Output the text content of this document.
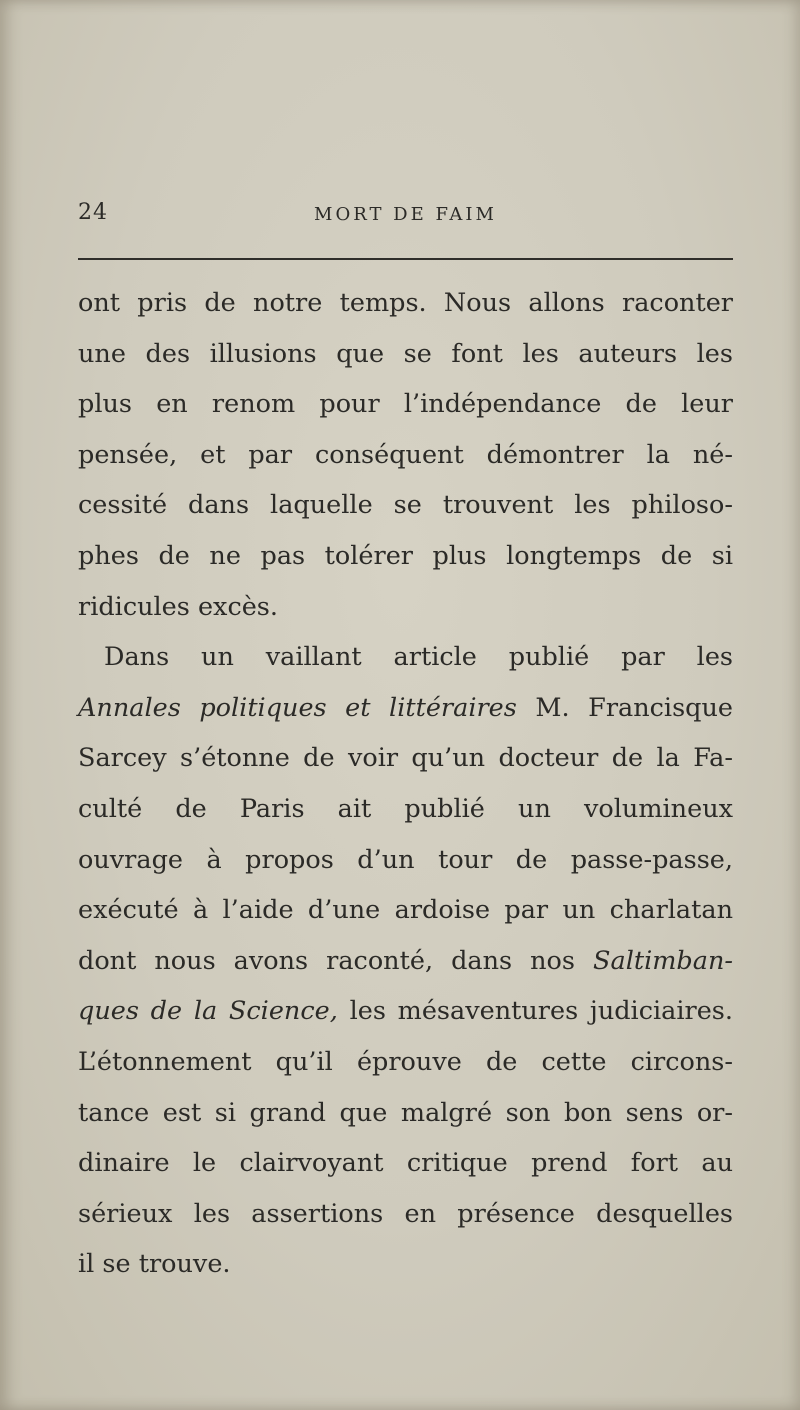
24	MORT DE FAIM
ont pris de notre temps. Nous allons raconter
une des illusions que se font les auteurs les
plus en renom pour l’indépendance de leur
pensée, et par conséquent démontrer la né-
cessité dans laquelle se trouvent les philoso-
phes de ne pas tolérer plus longtemps de si
ridicules excès.
Dans un vaillant article publié par les
Annales politiques et littéraires M. Francisque
Sarcey s’étonne de voir qu’un docteur de la Fa-
culté de Paris ait publié un volumineux
ouvrage à propos d’un tour de passe-passe,
exécuté à l’aide d’une ardoise par un charlatan
dont nous avons raconté, dans nos Saltimban-
ques de la Science, les mésaventures judiciaires.
L’étonnement qu’il éprouve de cette circons-
tance est si grand que malgré son bon sens or-
dinaire le clairvoyant critique prend fort au
sérieux les assertions en présence desquelles
il se trouve.
